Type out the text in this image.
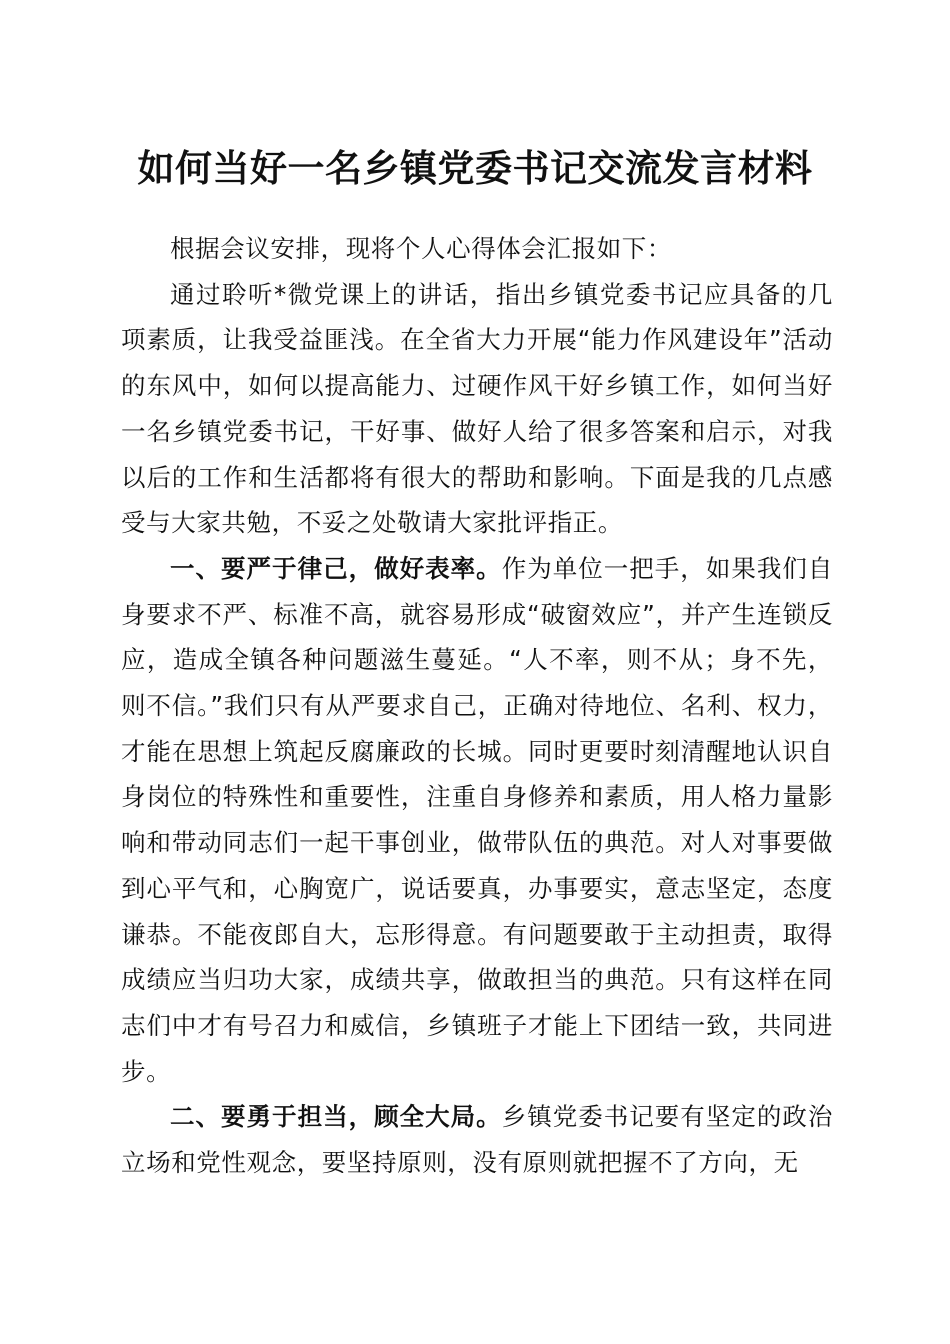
如何当好一名乡镇党委书记交流发言材料

根据会议安排，现将个人心得体会汇报如下：

通过聆听*微党课上的讲话，指出乡镇党委书记应具备的几项素质，让我受益匪浅。在全省大力开展“能力作风建设年”活动的东风中，如何以提高能力、过硬作风干好乡镇工作，如何当好一名乡镇党委书记，干好事、做好人给了很多答案和启示，对我以后的工作和生活都将有很大的帮助和影响。下面是我的几点感受与大家共勉，不妥之处敬请大家批评指正。

一、要严于律己，做好表率。作为单位一把手，如果我们自身要求不严、标准不高，就容易形成“破窗效应”，并产生连锁反应，造成全镇各种问题滋生蔓延。“人不率，则不从；身不先，则不信。”我们只有从严要求自己，正确对待地位、名利、权力，才能在思想上筑起反腐廉政的长城。同时更要时刻清醒地认识自身岗位的特殊性和重要性，注重自身修养和素质，用人格力量影响和带动同志们一起干事创业，做带队伍的典范。对人对事要做到心平气和，心胸宽广，说话要真，办事要实，意志坚定，态度谦恭。不能夜郎自大，忘形得意。有问题要敢于主动担责，取得成绩应当归功大家，成绩共享，做敢担当的典范。只有这样在同志们中才有号召力和威信，乡镇班子才能上下团结一致，共同进步。

二、要勇于担当，顾全大局。乡镇党委书记要有坚定的政治立场和党性观念，要坚持原则，没有原则就把握不了方向，无
